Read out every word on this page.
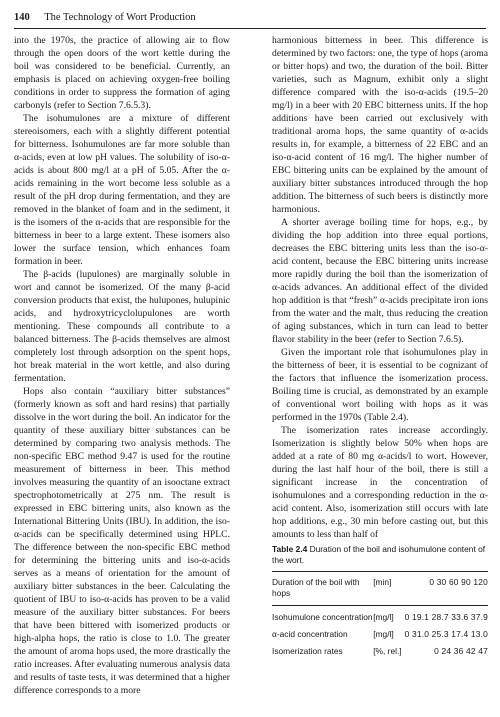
140 The Technology of Wort Production

into the 1970s, the practice of allowing air to flow through the open doors of the wort kettle during the boil was considered to be beneficial. Currently, an emphasis is placed on achieving oxygen-free boiling conditions in order to suppress the formation of aging carbonyls (refer to Section 7.6.5.3).

The isohumulones are a mixture of different stereoisomers, each with a slightly different potential for bitterness. Isohumulones are far more soluble than α-acids, even at low pH values. The solubility of iso-α-acids is about 800 mg/l at a pH of 5.05. After the α-acids remaining in the wort become less soluble as a result of the pH drop during fermentation, and they are removed in the blanket of foam and in the sediment, it is the isomers of the α-acids that are responsible for the bitterness in beer to a large extent. These isomers also lower the surface tension, which enhances foam formation in beer.

The β-acids (lupulones) are marginally soluble in wort and cannot be isomerized. Of the many β-acid conversion products that exist, the hulupones, hulupinic acids, and hydroxytricyclolupulones are worth mentioning. These compounds all contribute to a balanced bitterness. The β-acids themselves are almost completely lost through adsorption on the spent hops, hot break material in the wort kettle, and also during fermentation.

Hops also contain “auxiliary bitter substances” (formerly known as soft and hard resins) that partially dissolve in the wort during the boil. An indicator for the quantity of these auxiliary bitter substances can be determined by comparing two analysis methods. The non-specific EBC method 9.47 is used for the routine measurement of bitterness in beer. This method involves measuring the quantity of an isooctane extract spectrophotometrically at 275 nm. The result is expressed in EBC bittering units, also known as the International Bittering Units (IBU). In addition, the iso-α-acids can be specifically determined using HPLC. The difference between the non-specific EBC method for determining the bittering units and iso-α-acids serves as a means of orientation for the amount of auxiliary bitter substances in the beer. Calculating the quotient of IBU to iso-α-acids has proven to be a valid measure of the auxiliary bitter substances. For beers that have been bittered with isomerized products or high-alpha hops, the ratio is close to 1.0. The greater the amount of aroma hops used, the more drastically the ratio increases. After evaluating numerous analysis data and results of taste tests, it was determined that a higher difference corresponds to a more

harmonious bitterness in beer. This difference is determined by two factors: one, the type of hops (aroma or bitter hops) and two, the duration of the boil. Bitter varieties, such as Magnum, exhibit only a slight difference compared with the iso-α-acids (19.5–20 mg/l) in a beer with 20 EBC bitterness units. If the hop additions have been carried out exclusively with traditional aroma hops, the same quantity of α-acids results in, for example, a bitterness of 22 EBC and an iso-α-acid content of 16 mg/l. The higher number of EBC bittering units can be explained by the amount of auxiliary bitter substances introduced through the hop addition. The bitterness of such beers is distinctly more harmonious.

A shorter average boiling time for hops, e.g., by dividing the hop addition into three equal portions, decreases the EBC bittering units less than the iso-α-acid content, because the EBC bittering units increase more rapidly during the boil than the isomerization of α-acids advances. An additional effect of the divided hop addition is that “fresh” α-acids precipitate iron ions from the water and the malt, thus reducing the creation of aging substances, which in turn can lead to better flavor stability in the beer (refer to Section 7.6.5).

Given the important role that isohumulones play in the bitterness of beer, it is essential to be cognizant of the factors that influence the isomerization process. Boiling time is crucial, as demonstrated by an example of conventional wort boiling with hops as it was performed in the 1970s (Table 2.4).

The isomerization rates increase accordingly. Isomerization is slightly below 50% when hops are added at a rate of 80 mg α-acids/l to wort. However, during the last half hour of the boil, there is still a significant increase in the concentration of isohumulones and a corresponding reduction in the α-acid content. Also, isomerization still occurs with late hop additions, e.g., 30 min before casting out, but this amounts to less than half of

Table 2.4 Duration of the boil and isohumulone content of the wort.
Duration of the boil with hops	[min]	0 30 60 90 120
Isohumulone concentration	[mg/l]	0 19.1 28.7 33.6 37.9
α-acid concentration	[mg/l]	0 31.0 25.3 17.4 13.0
Isomerization rates	[%, rel.]	0 24 36 42 47
